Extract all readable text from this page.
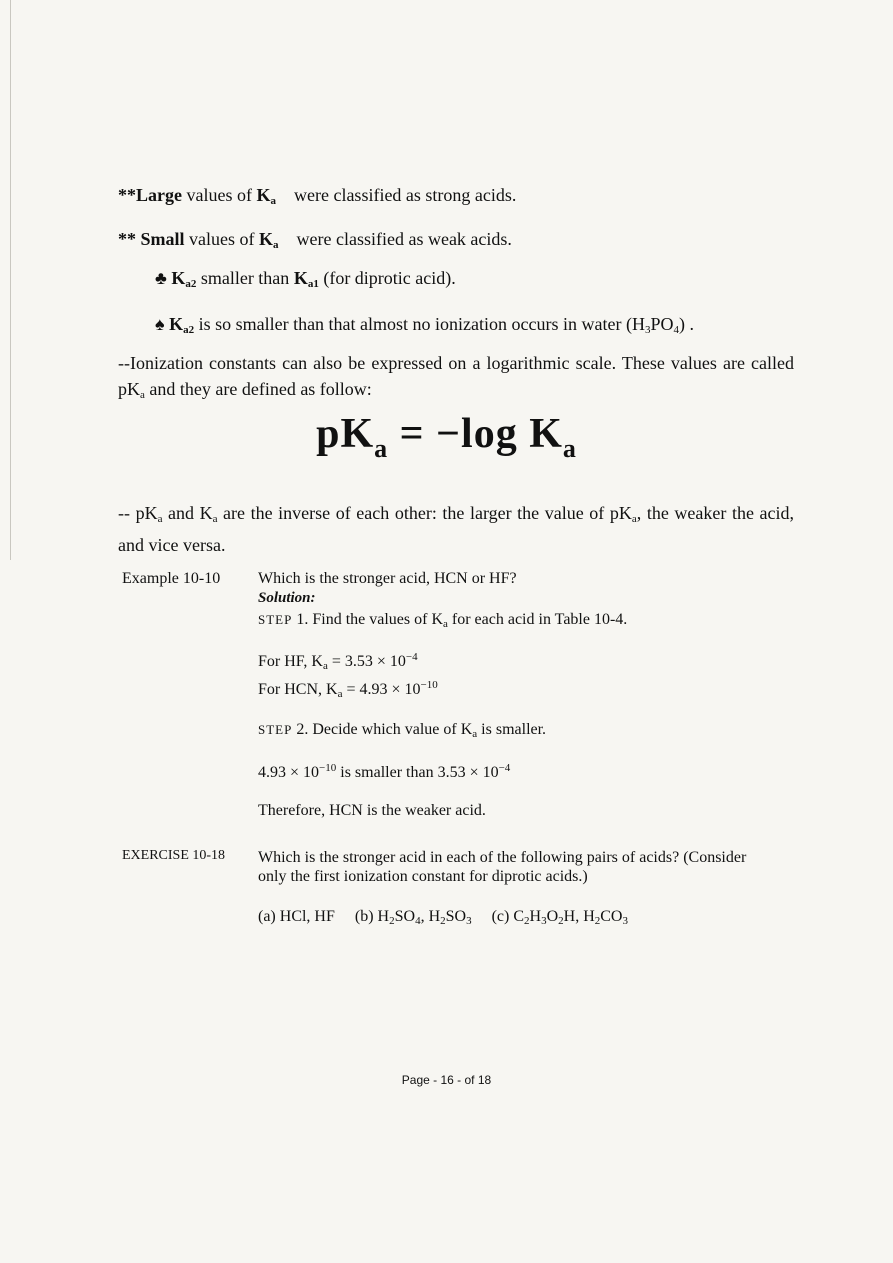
**Large values of $K_a$ were classified as strong acids.
** Small values of $K_a$ were classified as weak acids.
♣ $K_{a2}$ smaller than $K_{a1}$ (for diprotic acid).
♠ $K_{a2}$ is so smaller than that almost no ionization occurs in water $(H_3PO_4)$ .
--Ionization constants can also be expressed on a logarithmic scale. These values are called $pK_a$ and they are defined as follow:
$pK_a = -\log$ $K_a$
-- $pK_a$ and $K_a$ are the inverse of each other: the larger the value of $pK_a$, the weaker the acid, and vice versa.
Example 10-10 Which is the stronger acid, HCN or HF?
Solution:
STEP 1. Find the values of $K_a$ for each acid in Table 10-4.
For HF, $K_a = 3.53 \times 10^{-4}$
For HCN, $K_a = 4.93 \times 10^{-10}$
STEP 2. Decide which value of $K_a$ is smaller.
$4.93 \times 10^{-10}$ is smaller than $3.53 \times 10^{-4}$
Therefore, HCN is the weaker acid.
EXERCISE 10-18 Which is the stronger acid in each of the following pairs of acids? (Consider only the first ionization constant for diprotic acids.)
(a) HCl, HF (b) $H_2SO_4$, $H_2SO_3$ (c) $C_2H_3O_2H$, $H_2CO_3$
Page - 16 - of 18
